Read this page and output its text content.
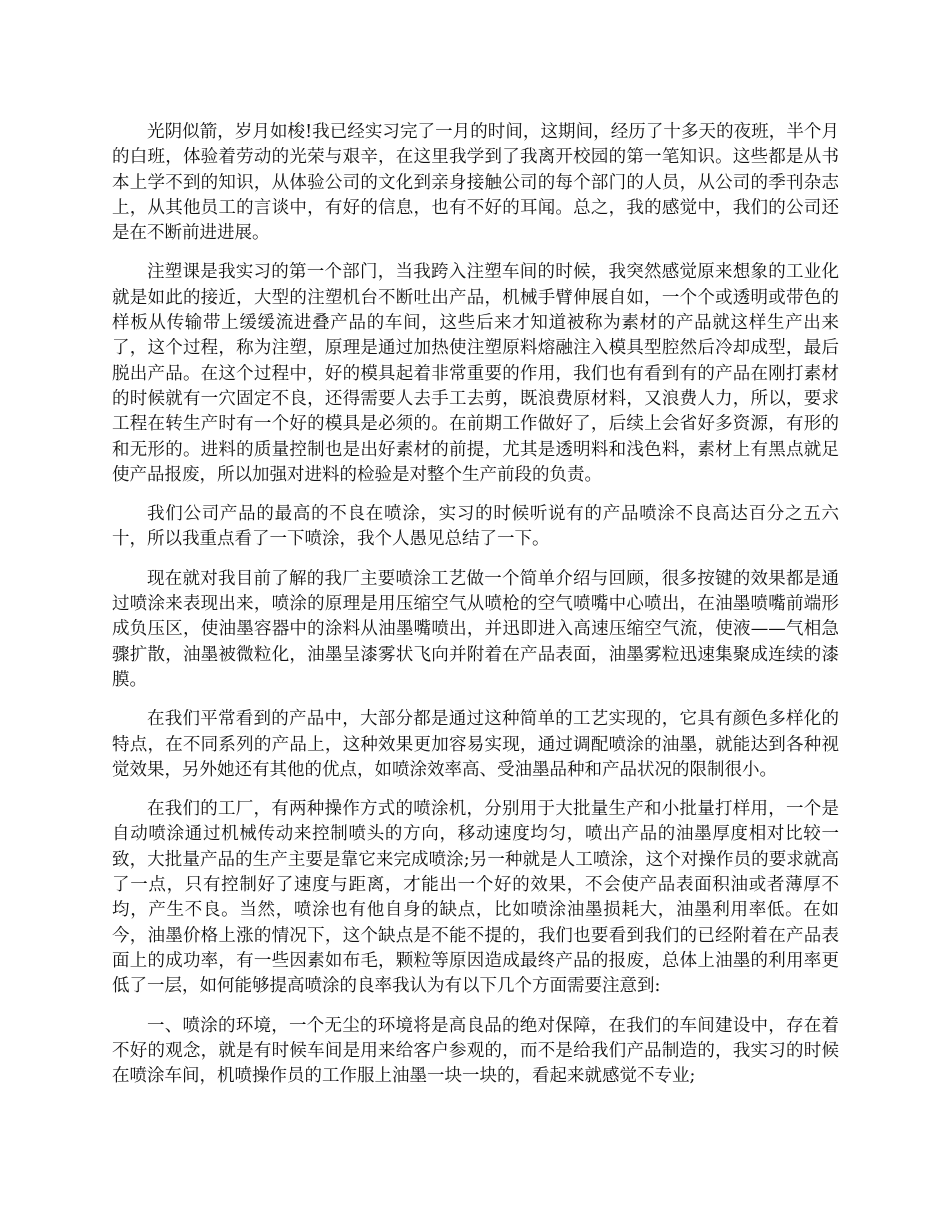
光阴似箭，岁月如梭!我已经实习完了一月的时间，这期间，经历了十多天的夜班，半个月的白班，体验着劳动的光荣与艰辛，在这里我学到了我离开校园的第一笔知识。这些都是从书本上学不到的知识，从体验公司的文化到亲身接触公司的每个部门的人员，从公司的季刊杂志上，从其他员工的言谈中，有好的信息，也有不好的耳闻。总之，我的感觉中，我们的公司还是在不断前进进展。

注塑课是我实习的第一个部门，当我跨入注塑车间的时候，我突然感觉原来想象的工业化就是如此的接近，大型的注塑机台不断吐出产品，机械手臂伸展自如，一个个或透明或带色的样板从传输带上缓缓流进叠产品的车间，这些后来才知道被称为素材的产品就这样生产出来了，这个过程，称为注塑，原理是通过加热使注塑原料熔融注入模具型腔然后冷却成型，最后脱出产品。在这个过程中，好的模具起着非常重要的作用，我们也有看到有的产品在刚打素材的时候就有一穴固定不良，还得需要人去手工去剪，既浪费原材料，又浪费人力，所以，要求工程在转生产时有一个好的模具是必须的。在前期工作做好了，后续上会省好多资源，有形的和无形的。进料的质量控制也是出好素材的前提，尤其是透明料和浅色料，素材上有黑点就足使产品报废，所以加强对进料的检验是对整个生产前段的负责。

我们公司产品的最高的不良在喷涂，实习的时候听说有的产品喷涂不良高达百分之五六十，所以我重点看了一下喷涂，我个人愚见总结了一下。

现在就对我目前了解的我厂主要喷涂工艺做一个简单介绍与回顾，很多按键的效果都是通过喷涂来表现出来，喷涂的原理是用压缩空气从喷枪的空气喷嘴中心喷出，在油墨喷嘴前端形成负压区，使油墨容器中的涂料从油墨嘴喷出，并迅即进入高速压缩空气流，使液——气相急骤扩散，油墨被微粒化，油墨呈漆雾状飞向并附着在产品表面，油墨雾粒迅速集聚成连续的漆膜。

在我们平常看到的产品中，大部分都是通过这种简单的工艺实现的，它具有颜色多样化的特点，在不同系列的产品上，这种效果更加容易实现，通过调配喷涂的油墨，就能达到各种视觉效果，另外她还有其他的优点，如喷涂效率高、受油墨品种和产品状况的限制很小。

在我们的工厂，有两种操作方式的喷涂机，分别用于大批量生产和小批量打样用，一个是自动喷涂通过机械传动来控制喷头的方向，移动速度均匀，喷出产品的油墨厚度相对比较一致，大批量产品的生产主要是靠它来完成喷涂;另一种就是人工喷涂，这个对操作员的要求就高了一点，只有控制好了速度与距离，才能出一个好的效果，不会使产品表面积油或者薄厚不均，产生不良。当然，喷涂也有他自身的缺点，比如喷涂油墨损耗大，油墨利用率低。在如今，油墨价格上涨的情况下，这个缺点是不能不提的，我们也要看到我们的已经附着在产品表面上的成功率，有一些因素如布毛，颗粒等原因造成最终产品的报废，总体上油墨的利用率更低了一层，如何能够提高喷涂的良率我认为有以下几个方面需要注意到:

一、喷涂的环境，一个无尘的环境将是高良品的绝对保障，在我们的车间建设中，存在着不好的观念，就是有时候车间是用来给客户参观的，而不是给我们产品制造的，我实习的时候在喷涂车间，机喷操作员的工作服上油墨一块一块的，看起来就感觉不专业;
